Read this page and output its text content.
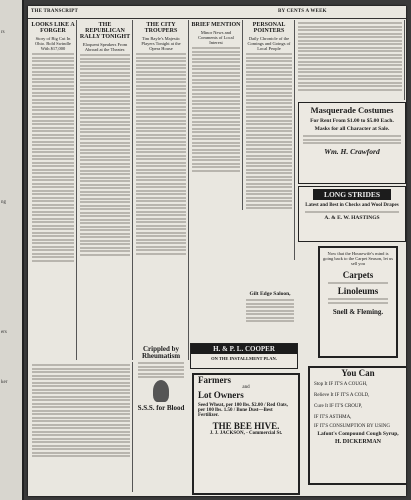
rs
ng
ers
ker
THE TRANSCRIPT	BY CENTS A WEEK
LOOKS LIKE A FORGER
Story of Big Cut In Ohio. Bold Swindle With $17,000
THE REPUBLICAN RALLY TONIGHT
Eloquent Speakers From Abroad at the Theater.
THE CITY TROUPERS
Tim Bayle's Majestic Players Tonight at the Opera House
BRIEF MENTION
Minor News and Comments of Local Interest
PERSONAL POINTERS
Daily Chronicle of the Comings and Goings of Local People
Masquerade Costumes
For Rent From $1.00 to $5.00 Each.
Masks for all Character at Sale.
Wm. H. Crawford
LONG STRIDES
Latest and Best in Checks and Wool Drapes
A. & E. W. HASTINGS
Now that the Housewife's mind is going back to the Carpet Season, let us sell you
Carpets
Linoleums
Snell & Fleming.
Gilt Edge Saloon,
H. & P. L. COOPER
ON THE INSTALLMENT PLAN.
Crippled by Rheumatism
S.S.S. for Blood
Farmers
and
Lot Owners
Seed Wheat, per 100 lbs. $2.00 / Red Oats, per 100 lbs. 1.50 / Bone Dust—Best Fertilizer.
THE BEE HIVE.
J. J. JACKSON, - Commercial St.
You Can
Stop It IF IT'S A COUGH,
Relieve It IF IT'S A COLD,
Cure It IF IT'S CROUP,
IF IT'S ASTHMA,
IF IT'S CONSUMPTION BY USING
Lafont's Compound Cough Syrup,
H. DICKERMAN
